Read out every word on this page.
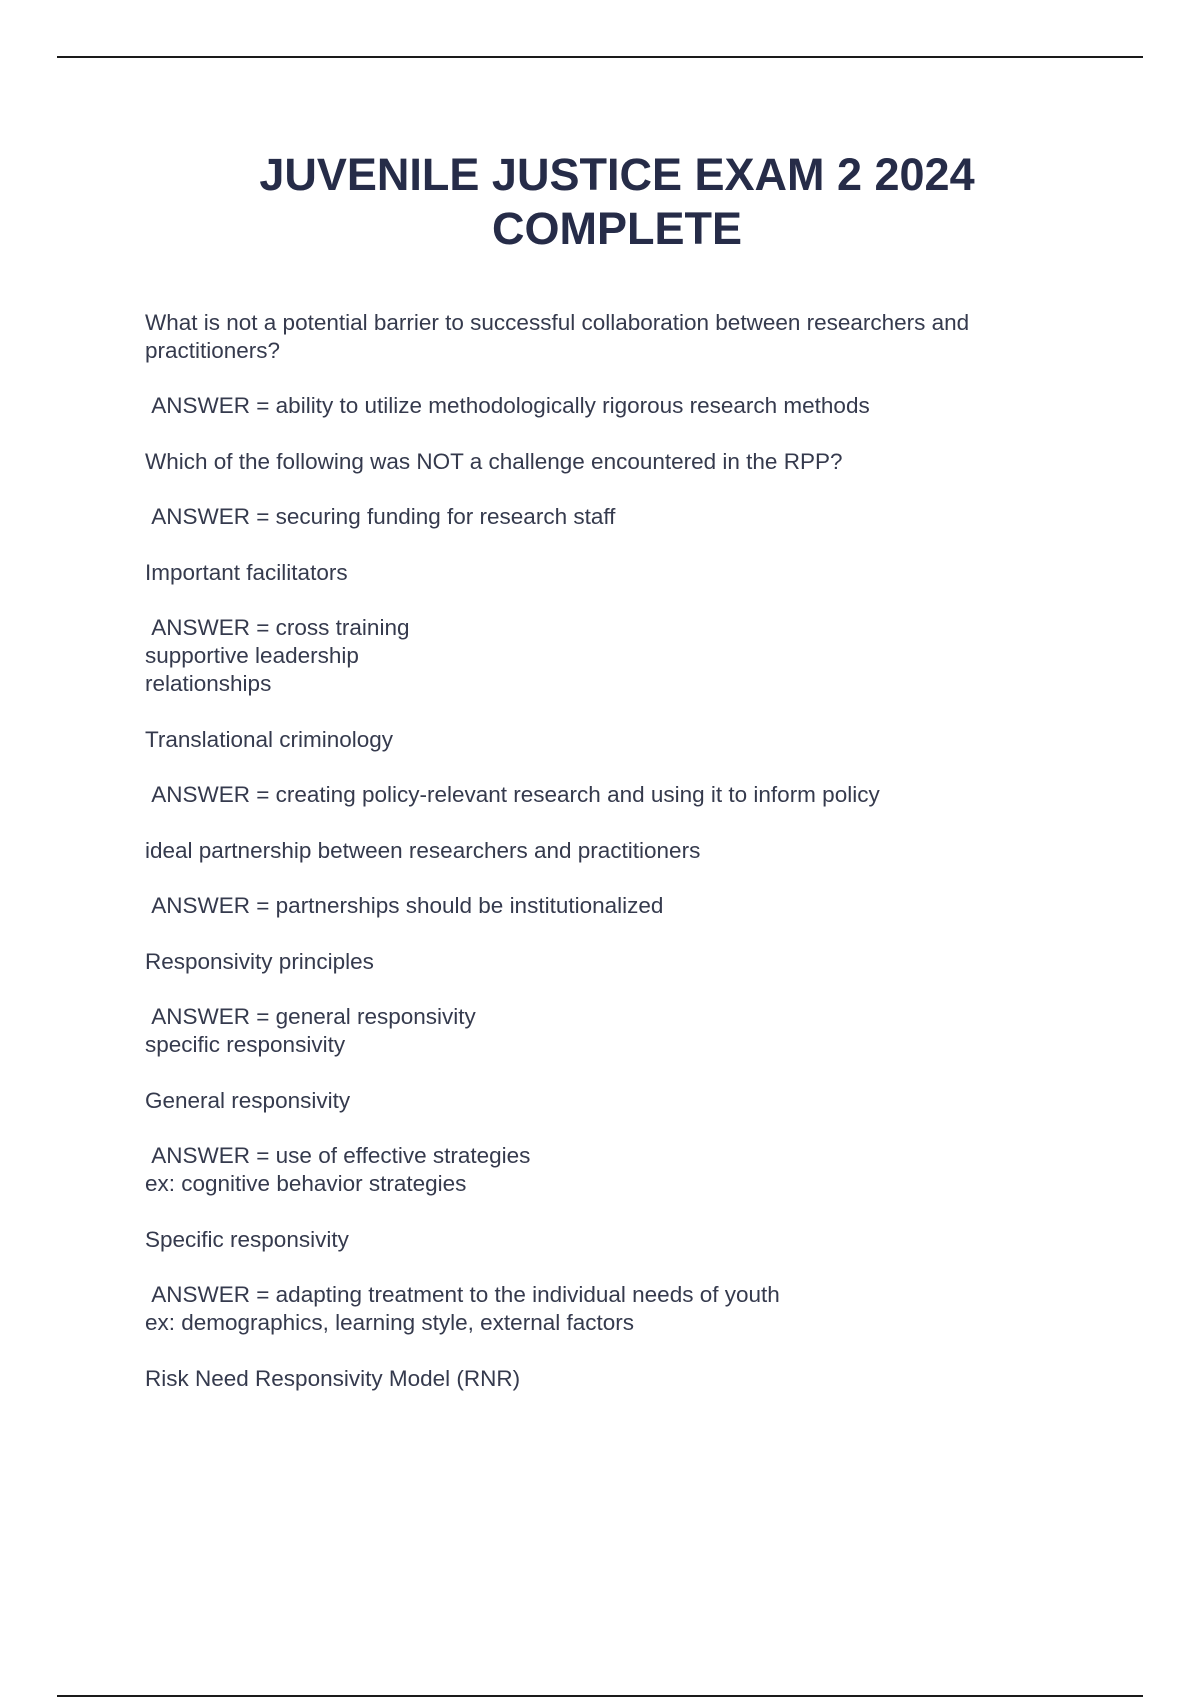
JUVENILE JUSTICE EXAM 2 2024
COMPLETE
What is not a potential barrier to successful collaboration between researchers and
practitioners?
ANSWER = ability to utilize methodologically rigorous research methods
Which of the following was NOT a challenge encountered in the RPP?
ANSWER = securing funding for research staff
Important facilitators
ANSWER = cross training
supportive leadership
relationships
Translational criminology
ANSWER = creating policy-relevant research and using it to inform policy
ideal partnership between researchers and practitioners
ANSWER = partnerships should be institutionalized
Responsivity principles
ANSWER = general responsivity
specific responsivity
General responsivity
ANSWER = use of effective strategies
ex: cognitive behavior strategies
Specific responsivity
ANSWER = adapting treatment to the individual needs of youth
ex: demographics, learning style, external factors
Risk Need Responsivity Model (RNR)
